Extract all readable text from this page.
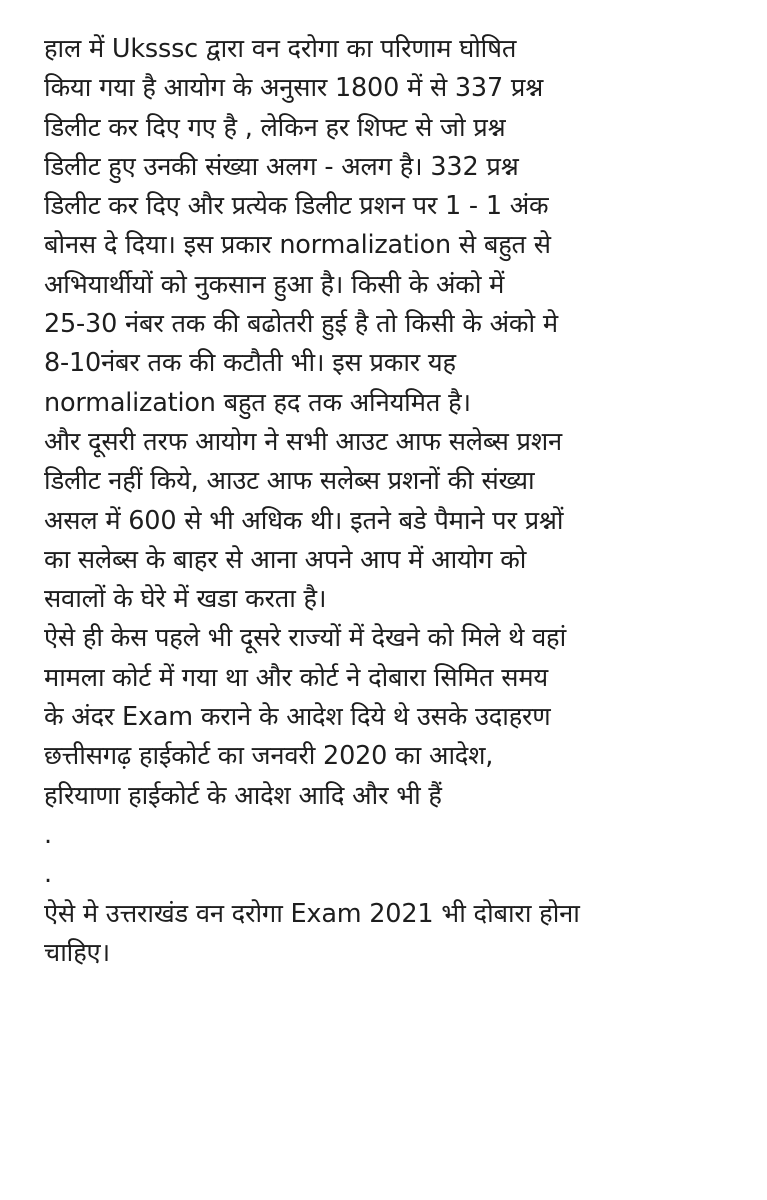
हाल में Uksssc द्वारा वन दरोगा का परिणाम घोषित
किया गया है आयोग के अनुसार 1800 में से 337 प्रश्न
डिलीट कर दिए गए है , लेकिन हर शिफ्ट से जो प्रश्न
डिलीट हुए उनकी संख्या अलग - अलग है। 332 प्रश्न
डिलीट कर दिए और प्रत्येक डिलीट प्रशन पर 1 - 1 अंक
बोनस दे दिया। इस प्रकार normalization से बहुत से
अभियार्थीयों को नुकसान हुआ है। किसी के अंको में
25-30 नंबर तक की बढोतरी हुई है तो किसी के अंको मे
8-10नंबर तक की कटौती भी। इस प्रकार यह
normalization बहुत हद तक अनियमित है।
और दूसरी तरफ आयोग ने सभी आउट आफ सलेब्स प्रशन
डिलीट नहीं किये, आउट आफ सलेब्स प्रशनों की संख्या
असल में 600 से भी अधिक थी। इतने बडे पैमाने पर प्रश्नों
का सलेब्स के बाहर से आना अपने आप में आयोग को
सवालों के घेरे में खडा करता है।
ऐसे ही केस पहले भी दूसरे राज्यों में देखने को मिले थे वहां
मामला कोर्ट में गया था और कोर्ट ने दोबारा सिमित समय
के अंदर Exam कराने के आदेश दिये थे उसके उदाहरण
छत्तीसगढ़ हाईकोर्ट का जनवरी 2020 का आदेश,
हरियाणा हाईकोर्ट के आदेश आदि और भी हैं
.
.
ऐसे मे उत्तराखंड वन दरोगा Exam 2021 भी दोबारा होना
चाहिए।
